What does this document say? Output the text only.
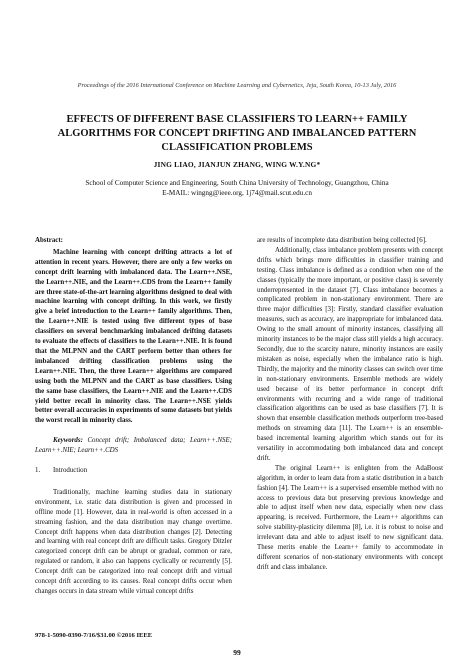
Proceedings of the 2016 International Conference on Machine Learning and Cybernetics, Jeju, South Korea, 10-13 July, 2016
EFFECTS OF DIFFERENT BASE CLASSIFIERS TO LEARN++ FAMILY ALGORITHMS FOR CONCEPT DRIFTING AND IMBALANCED PATTERN CLASSIFICATION PROBLEMS
JING LIAO, JIANJUN ZHANG, WING W.Y.NG*
School of Computer Science and Engineering, South China University of Technology, Guangzhou, China
E-MAIL: wingng@ieee.org, 1j74@mail.scut.edu.cn
Abstract:

Machine learning with concept drifting attracts a lot of attention in recent years. However, there are only a few works on concept drift learning with imbalanced data. The Learn++.NSE, the Learn++.NIE, and the Learn++.CDS from the Learn++ family are three state-of-the-art learning algorithms designed to deal with machine learning with concept drifting. In this work, we firstly give a brief introduction to the Learn++ family algorithms. Then, the Learn++.NIE is tested using five different types of base classifiers on several benchmarking imbalanced drifting datasets to evaluate the effects of classifiers to the Learn++.NIE. It is found that the MLPNN and the CART perform better than others for imbalanced drifting classification problems using the Learn++.NIE. Then, the three Learn++ algorithms are compared using both the MLPNN and the CART as base classifiers. Using the same base classifiers, the Learn++.NIE and the Learn++.CDS yield better recall in minority class. The Learn++.NSE yields better overall accuracies in experiments of some datasets but yields the worst recall in minority class.

Keywords: Concept drift; Imbalanced data; Learn++.NSE; Learn++.NIE; Learn++.CDS

1. Introduction

Traditionally, machine learning studies data in stationary environment, i.e. static data distribution is given and processed in offline mode [1]. However, data in real-world is often accessed in a streaming fashion, and the data distribution may change overtime. Concept drift happens when data distribution changes [2]. Detecting and learning with real concept drift are difficult tasks. Gregory Ditzler categorized concept drift can be abrupt or gradual, common or rare, regulated or random, it also can happens cyclically or recurrently [5]. Concept drift can be categorized into real concept drift and virtual concept drift according to its causes. Real concept drifts occur when changes occurs in data stream while virtual concept drifts

are results of incomplete data distribution being collected [6].

Additionally, class imbalance problem presents with concept drifts which brings more difficulties in classifier training and testing. Class imbalance is defined as a condition when one of the classes (typically the more important, or positive class) is severely underrepresented in the dataset [7]. Class imbalance becomes a complicated problem in non-stationary environment. There are three major difficulties [3]: Firstly, standard classifier evaluation measures, such as accuracy, are inappropriate for imbalanced data. Owing to the small amount of minority instances, classifying all minority instances to be the major class still yields a high accuracy. Secondly, due to the scarcity nature, minority instances are easily mistaken as noise, especially when the imbalance ratio is high. Thirdly, the majority and the minority classes can switch over time in non-stationary environments. Ensemble methods are widely used because of its better performance in concept drift environments with recurring and a wide range of traditional classification algorithms can be used as base classifiers [7]. It is shown that ensemble classification methods outperform tree-based methods on streaming data [11]. The Learn++ is an ensemble-based incremental learning algorithm which stands out for its versatility in accommodating both imbalanced data and concept drift.

The original Learn++ is enlighten from the AdaBoost algorithm, in order to learn data from a static distribution in a batch fashion [4]. The Learn++ is a supervised ensemble method with no access to previous data but preserving previous knowledge and able to adjust itself when new data, especially when new class appearing, is received. Furthermore, the Learn++ algorithms can solve stability-plasticity dilemma [8], i.e. it is robust to noise and irrelevant data and able to adjust itself to new significant data. These merits enable the Learn++ family to accommodate in different scenarios of non-stationary environments with concept drift and class imbalance.

978-1-5090-0390-7/16/$31.00 ©2016 IEEE
99
